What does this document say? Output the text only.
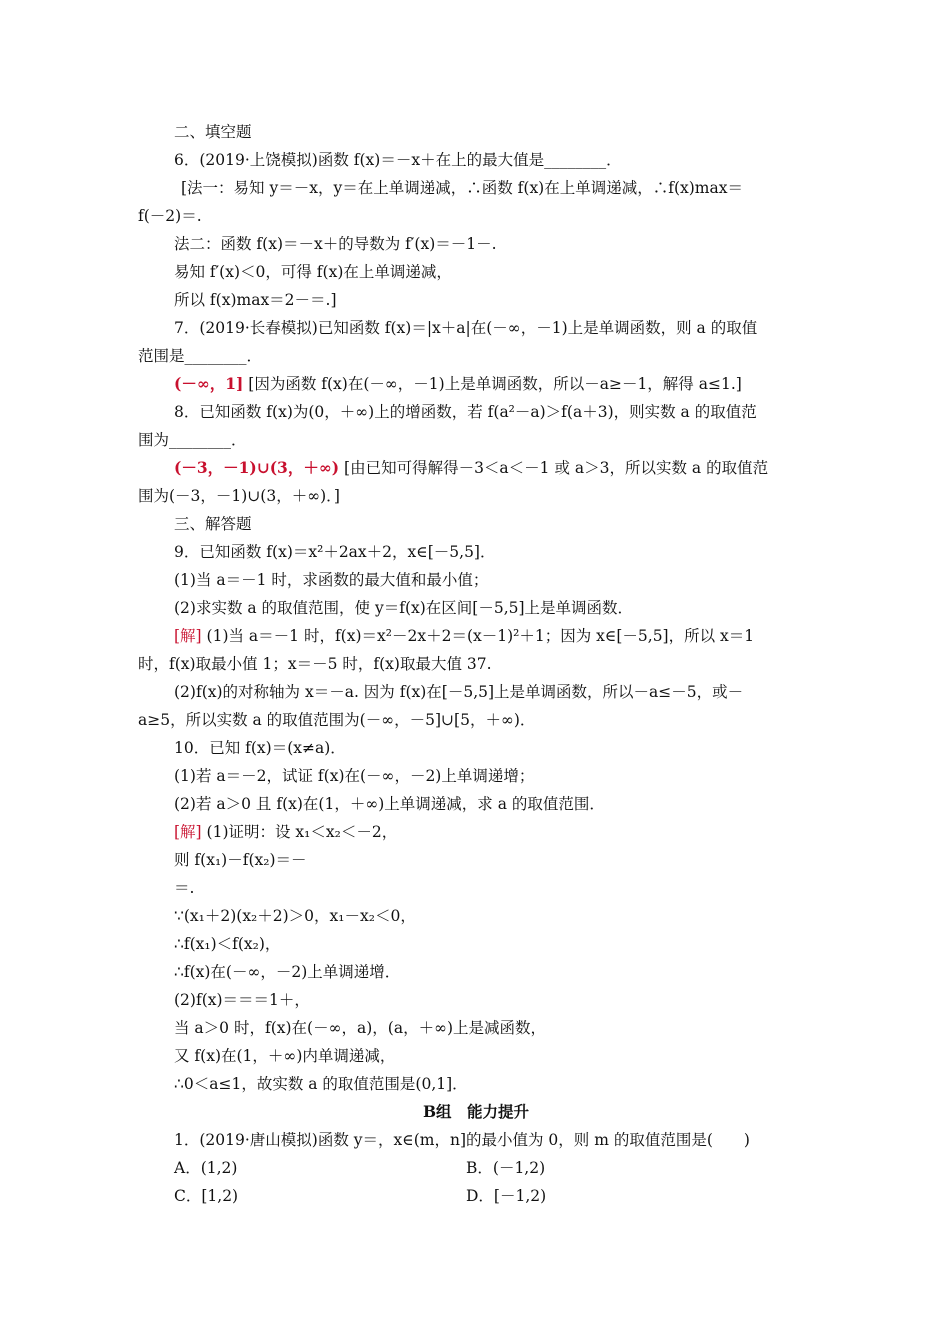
二、填空题
6．(2019·上饶模拟)函数 f(x)＝－x＋在上的最大值是________．
[法一：易知 y＝－x，y＝在上单调递减，∴函数 f(x)在上单调递减，∴f(x)max＝
f(－2)＝.
法二：函数 f(x)＝－x＋的导数为 f′(x)＝－1－.
易知 f′(x)＜0，可得 f(x)在上单调递减，
所以 f(x)max＝2－＝.]
7．(2019·长春模拟)已知函数 f(x)＝|x＋a|在(－∞，－1)上是单调函数，则 a 的取值
范围是________．
(－∞，1] [因为函数 f(x)在(－∞，－1)上是单调函数，所以－a≥－1，解得 a≤1.]
8．已知函数 f(x)为(0，＋∞)上的增函数，若 f(a²－a)＞f(a＋3)，则实数 a 的取值范
围为________．
(－3，－1)∪(3，＋∞) [由已知可得解得－3＜a＜－1 或 a＞3，所以实数 a 的取值范
围为(－3，－1)∪(3，＋∞)．]
三、解答题
9．已知函数 f(x)＝x²＋2ax＋2，x∈[－5,5]．
(1)当 a＝－1 时，求函数的最大值和最小值；
(2)求实数 a 的取值范围，使 y＝f(x)在区间[－5,5]上是单调函数．
[解] (1)当 a＝－1 时，f(x)＝x²－2x＋2＝(x－1)²＋1；因为 x∈[－5,5]，所以 x＝1
时，f(x)取最小值 1；x＝－5 时，f(x)取最大值 37.
(2)f(x)的对称轴为 x＝－a. 因为 f(x)在[－5,5]上是单调函数，所以－a≤－5，或－
a≥5，所以实数 a 的取值范围为(－∞，－5]∪[5，＋∞)．
10．已知 f(x)＝(x≠a)．
(1)若 a＝－2，试证 f(x)在(－∞，－2)上单调递增；
(2)若 a＞0 且 f(x)在(1，＋∞)上单调递减，求 a 的取值范围．
[解] (1)证明：设 x₁＜x₂＜－2，
则 f(x₁)－f(x₂)＝－
＝.
∵(x₁＋2)(x₂＋2)＞0，x₁－x₂＜0，
∴f(x₁)＜f(x₂)，
∴f(x)在(－∞，－2)上单调递增．
(2)f(x)＝＝＝1＋，
当 a＞0 时，f(x)在(－∞，a)，(a，＋∞)上是减函数，
又 f(x)在(1，＋∞)内单调递减，
∴0＜a≤1，故实数 a 的取值范围是(0,1]．
B组　能力提升
1．(2019·唐山模拟)函数 y＝，x∈(m，n]的最小值为 0，则 m 的取值范围是(　　)
A．(1,2)	B．(－1,2)
C．[1,2)	D．[－1,2)
